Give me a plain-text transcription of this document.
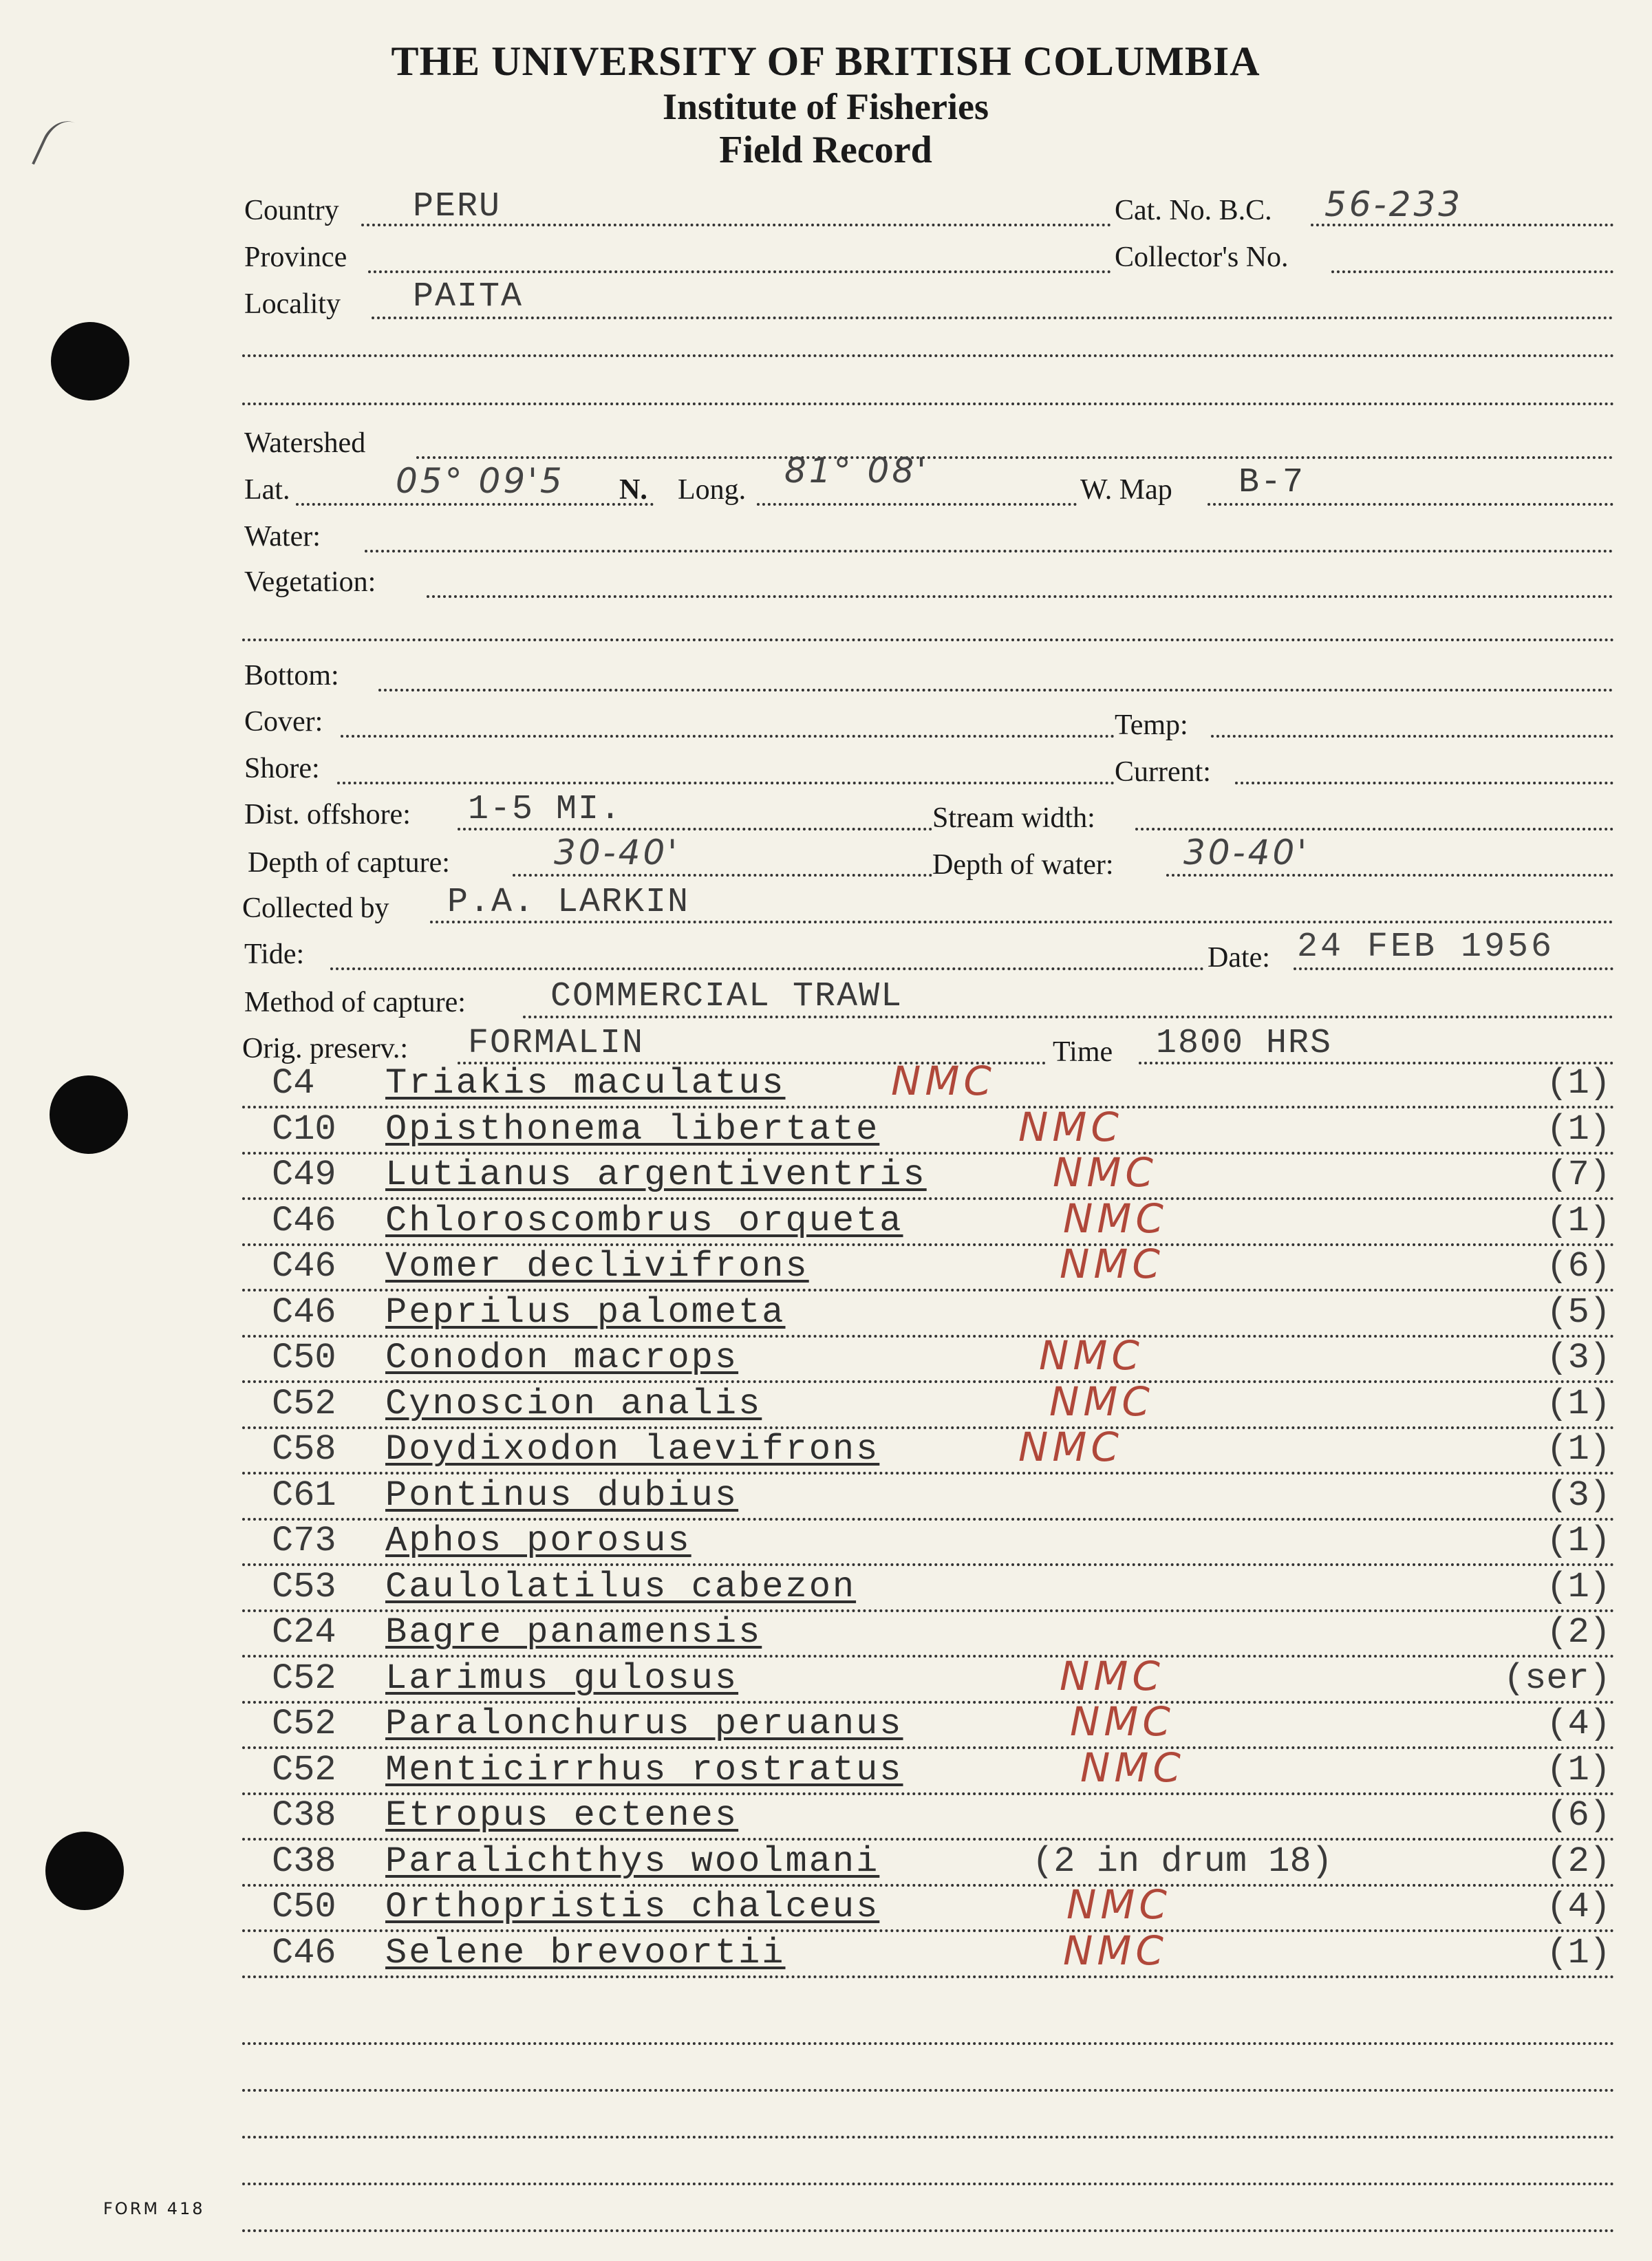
THE UNIVERSITY OF BRITISH COLUMBIA
Institute of Fisheries
Field Record
Country PERU	Cat. No. B.C. 56-233
Province	Collector's No.
Locality PAITA
Watershed
Lat.	05° 09'5 N. Long. 81° 08'	W. Map B-7
Water:
Vegetation:
Bottom:
Cover:	Temp:
Shore:	Current:
Dist. offshore: 1-5 MI.	Stream width:
Depth of capture:	30-40'	Depth of water: 30-40'
Collected by P.A. LARKIN
Tide:	Date: 24 FEB 1956
Method of capture: COMMERCIAL TRAWL
Orig. preserv.: FORMALIN	Time 1800 HRS
C4 Triakis maculatus	NMC	(1)
C10 Opisthonema libertate	NMC	(1)
C49 Lutianus argentiventris	NMC	(7)
C46 Chloroscombrus orqueta	NMC	(1)
C46 Vomer declivifrons	NMC	(6)
C46 Peprilus palometa	(5)
C50 Conodon macrops	NMC	(3)
C52 Cynoscion analis	NMC	(1)
C58 Doydixodon laevifrons	NMC	(1)
C61 Pontinus dubius	(3)
C73 Aphos porosus	(1)
C53 Caulolatilus cabezon	(1)
C24 Bagre panamensis	(2)
C52 Larimus gulosus	NMC	(ser)
C52 Paralonchurus peruanus	NMC	(4)
C52 Menticirrhus rostratus	NMC	(1)
C38 Etropus ectenes	(6)
C38 Paralichthys woolmani	(2 in drum 18)	(2)
C50 Orthopristis chalceus	NMC	(4)
C46 Selene brevoortii	NMC	(1)
FORM 418
